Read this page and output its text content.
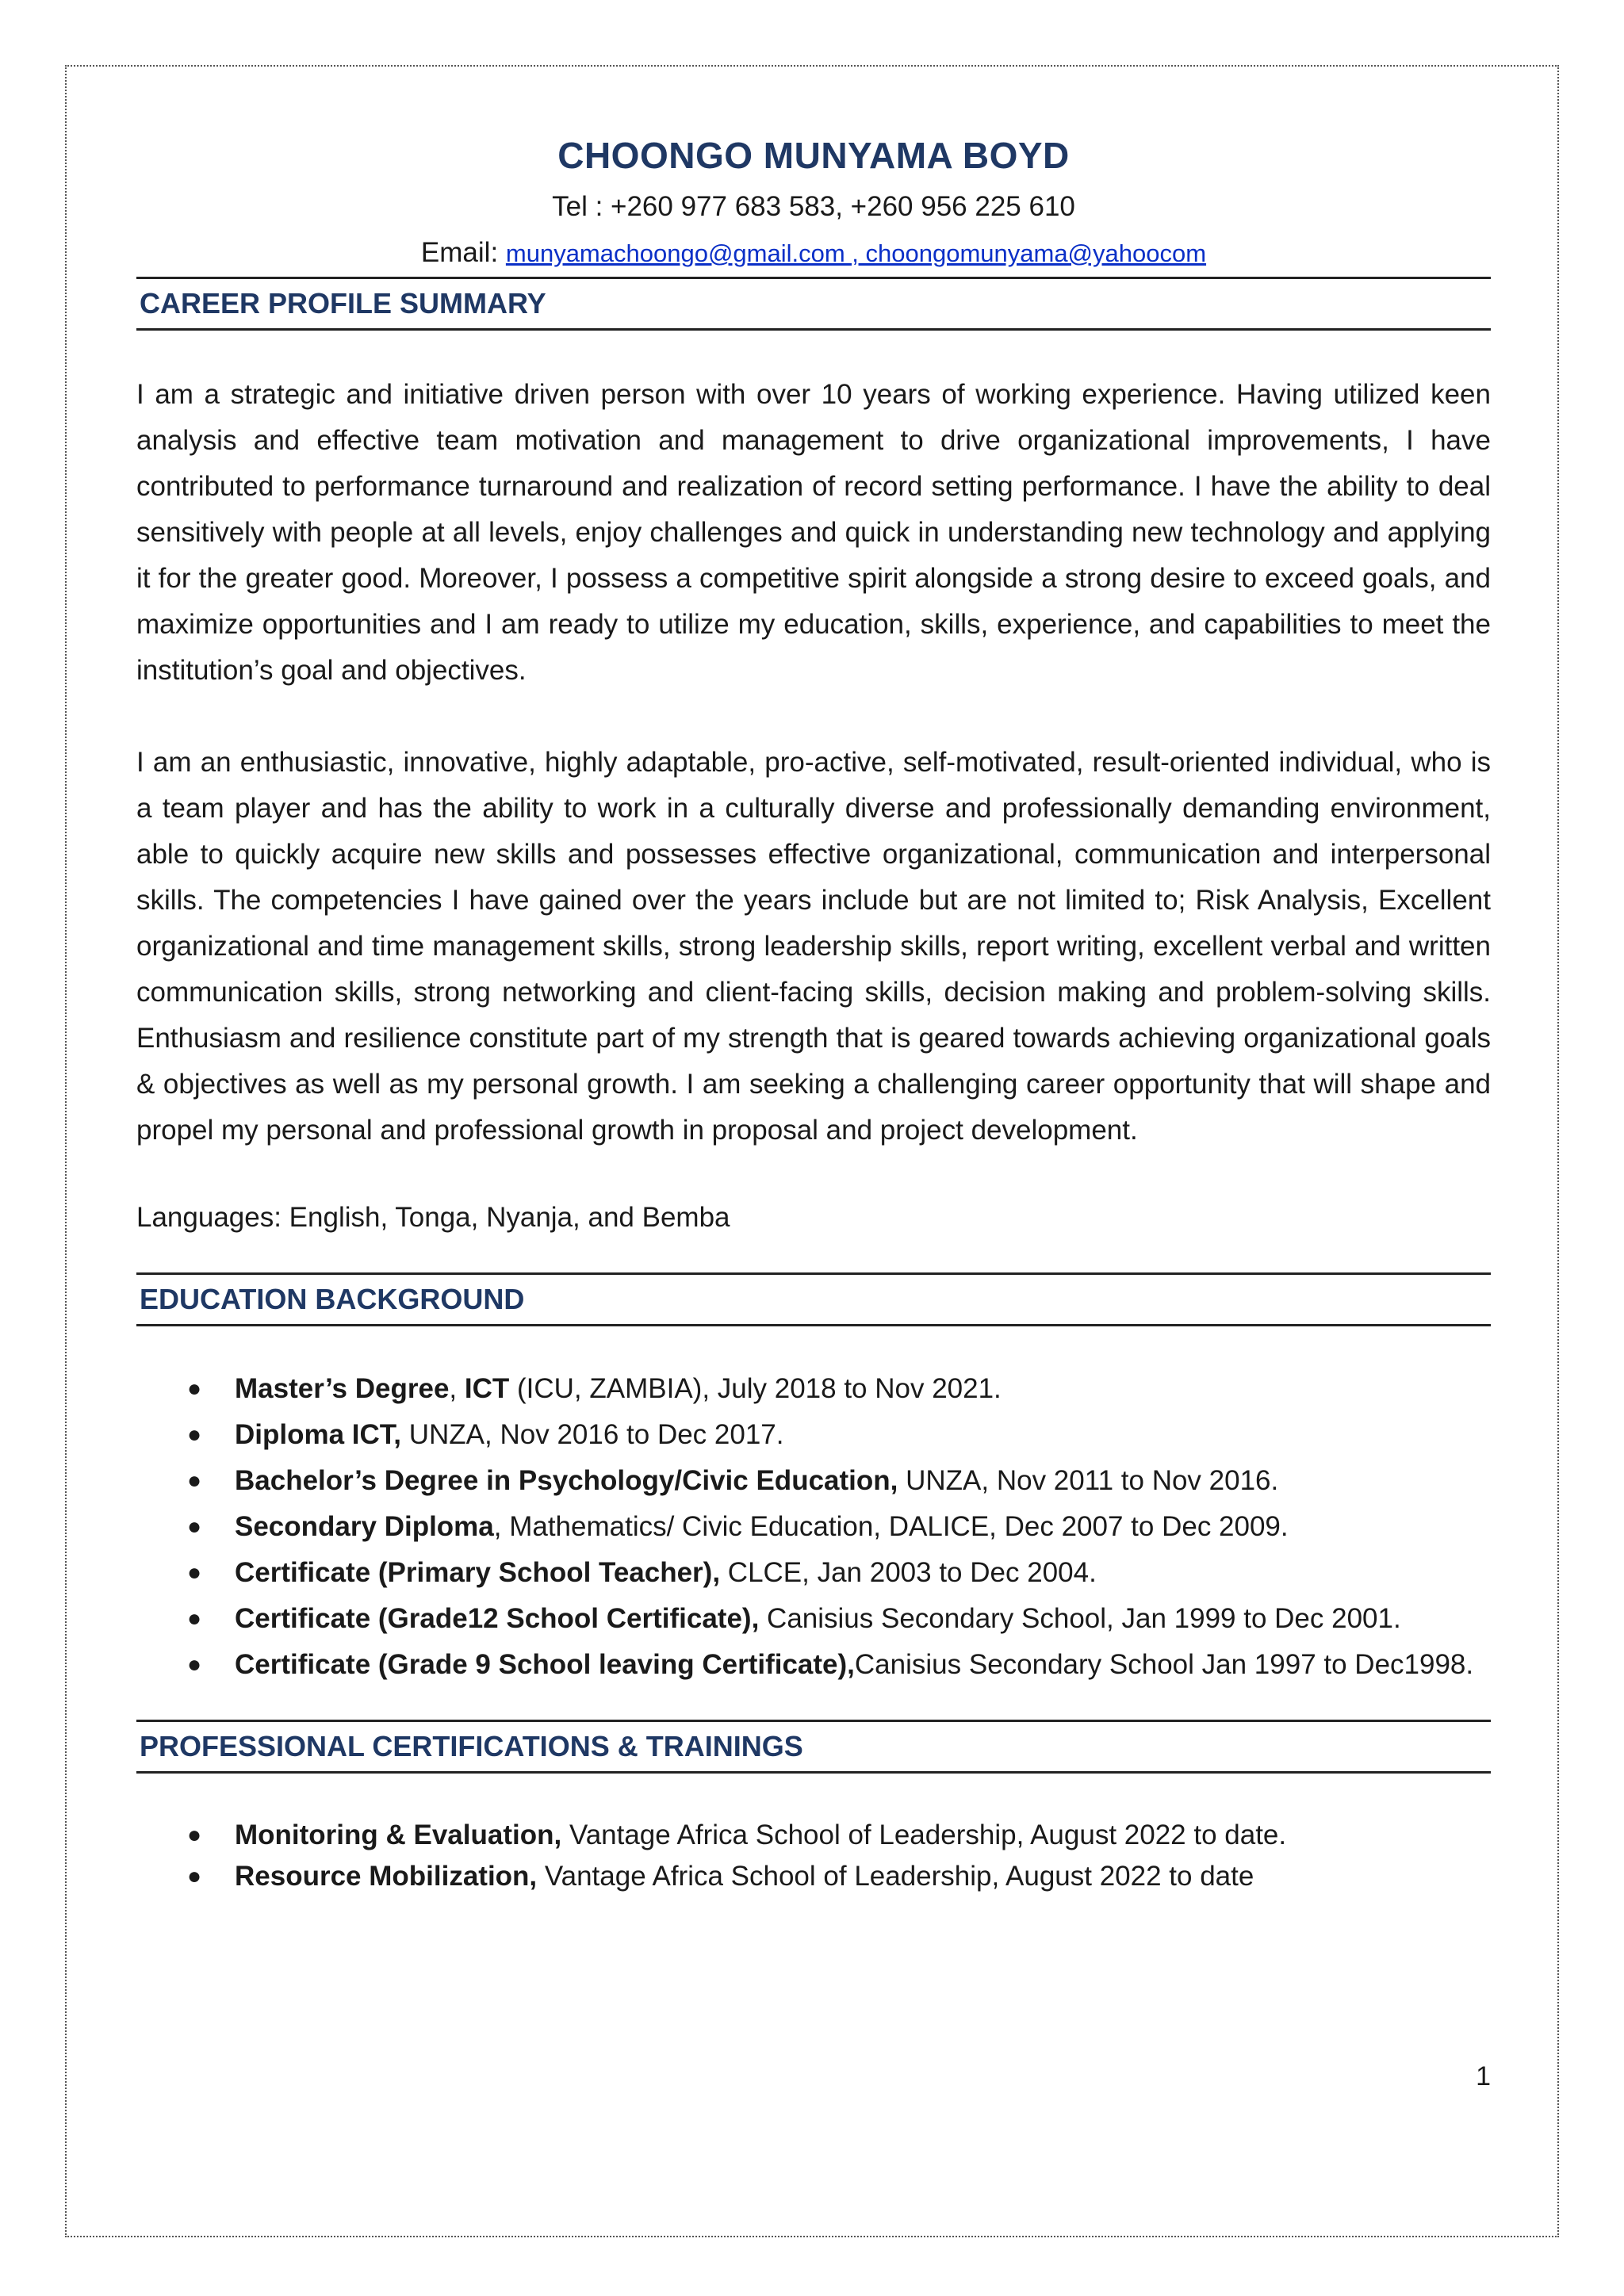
CHOONGO MUNYAMA BOYD
Tel : +260 977 683 583, +260 956 225 610
Email: munyamachoongo@gmail.com , choongomunyama@yahoocom
CAREER PROFILE SUMMARY

I am a strategic and initiative driven person with over 10 years of working experience. Having utilized keen analysis and effective team motivation and management to drive organizational improvements, I have contributed to performance turnaround and realization of record setting performance. I have the ability to deal sensitively with people at all levels, enjoy challenges and quick in understanding new technology and applying it for the greater good. Moreover, I possess a competitive spirit alongside a strong desire to exceed goals, and maximize opportunities and I am ready to utilize my education, skills, experience, and capabilities to meet the institution’s goal and objectives.

I am an enthusiastic, innovative, highly adaptable, pro-active, self-motivated, result-oriented individual, who is a team player and has the ability to work in a culturally diverse and professionally demanding environment, able to quickly acquire new skills and possesses effective organizational, communication and interpersonal skills. The competencies I have gained over the years include but are not limited to; Risk Analysis, Excellent organizational and time management skills, strong leadership skills, report writing, excellent verbal and written communication skills, strong networking and client-facing skills, decision making and problem-solving skills. Enthusiasm and resilience constitute part of my strength that is geared towards achieving organizational goals & objectives as well as my personal growth. I am seeking a challenging career opportunity that will shape and propel my personal and professional growth in proposal and project development.

Languages: English, Tonga, Nyanja, and Bemba

EDUCATION BACKGROUND
● Master’s Degree, ICT (ICU, ZAMBIA), July 2018 to Nov 2021.
● Diploma ICT, UNZA, Nov 2016 to Dec 2017.
● Bachelor’s Degree in Psychology/Civic Education, UNZA, Nov 2011 to Nov 2016.
● Secondary Diploma, Mathematics/ Civic Education, DALICE, Dec 2007 to Dec 2009.
● Certificate (Primary School Teacher), CLCE, Jan 2003 to Dec 2004.
● Certificate (Grade12 School Certificate), Canisius Secondary School, Jan 1999 to Dec 2001.
● Certificate (Grade 9 School leaving Certificate),Canisius Secondary School Jan 1997 to Dec1998.
PROFESSIONAL CERTIFICATIONS & TRAININGS
● Monitoring & Evaluation, Vantage Africa School of Leadership, August 2022 to date.
● Resource Mobilization, Vantage Africa School of Leadership, August 2022 to date
1
